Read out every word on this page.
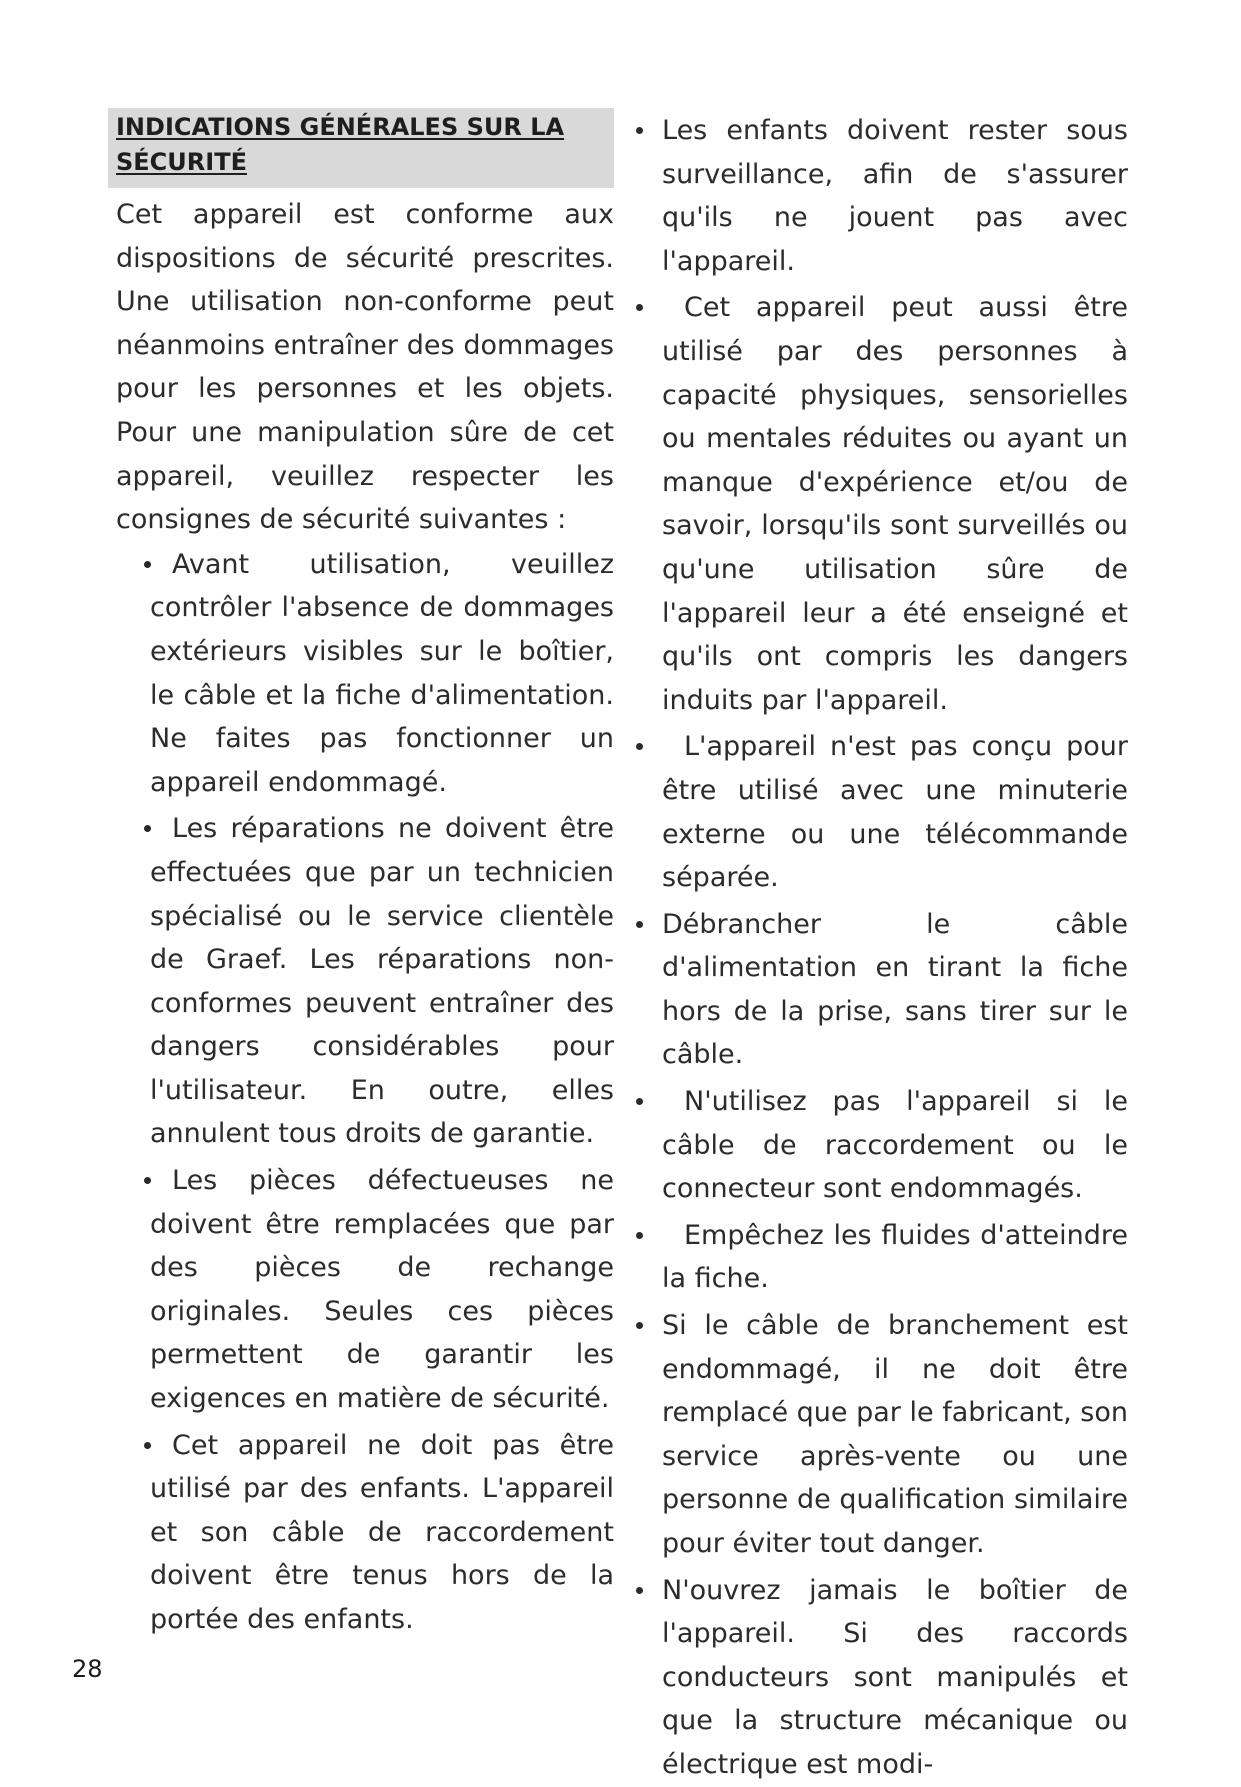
INDICATIONS GÉNÉRALES SUR LA SÉCURITÉ

Cet appareil est conforme aux dispositions de sécurité prescrites. Une utilisation non-conforme peut néanmoins entraîner des dommages pour les personnes et les objets. Pour une manipulation sûre de cet appareil, veuillez respecter les consignes de sécurité suivantes :

Avant utilisation, veuillez contrôler l'absence de dommages extérieurs visibles sur le boîtier, le câble et la fiche d'alimentation. Ne faites pas fonctionner un appareil endommagé.
Les réparations ne doivent être effectuées que par un technicien spécialisé ou le service clientèle de Graef. Les réparations non-conformes peuvent entraîner des dangers considérables pour l'utilisateur. En outre, elles annulent tous droits de garantie.
Les pièces défectueuses ne doivent être remplacées que par des pièces de rechange originales. Seules ces pièces permettent de garantir les exigences en matière de sécurité.
Cet appareil ne doit pas être utilisé par des enfants. L'appareil et son câble de raccordement doivent être tenus hors de la portée des enfants.
Les enfants doivent rester sous surveillance, afin de s'assurer qu'ils ne jouent pas avec l'appareil.
Cet appareil peut aussi être utilisé par des personnes à capacité physiques, sensorielles ou mentales réduites ou ayant un manque d'expérience et/ou de savoir, lorsqu'ils sont surveillés ou qu'une utilisation sûre de l'appareil leur a été enseigné et qu'ils ont compris les dangers induits par l'appareil.
L'appareil n'est pas conçu pour être utilisé avec une minuterie externe ou une télécommande séparée.
Débrancher le câble d'alimentation en tirant la fiche hors de la prise, sans tirer sur le câble.
N'utilisez pas l'appareil si le câble de raccordement ou le connecteur sont endommagés.
Empêchez les fluides d'atteindre la fiche.
Si le câble de branchement est endommagé, il ne doit être remplacé que par le fabricant, son service après-vente ou une personne de qualification similaire pour éviter tout danger.
N'ouvrez jamais le boîtier de l'appareil. Si des raccords conducteurs sont manipulés et que la structure mécanique ou électrique est modi-
28
